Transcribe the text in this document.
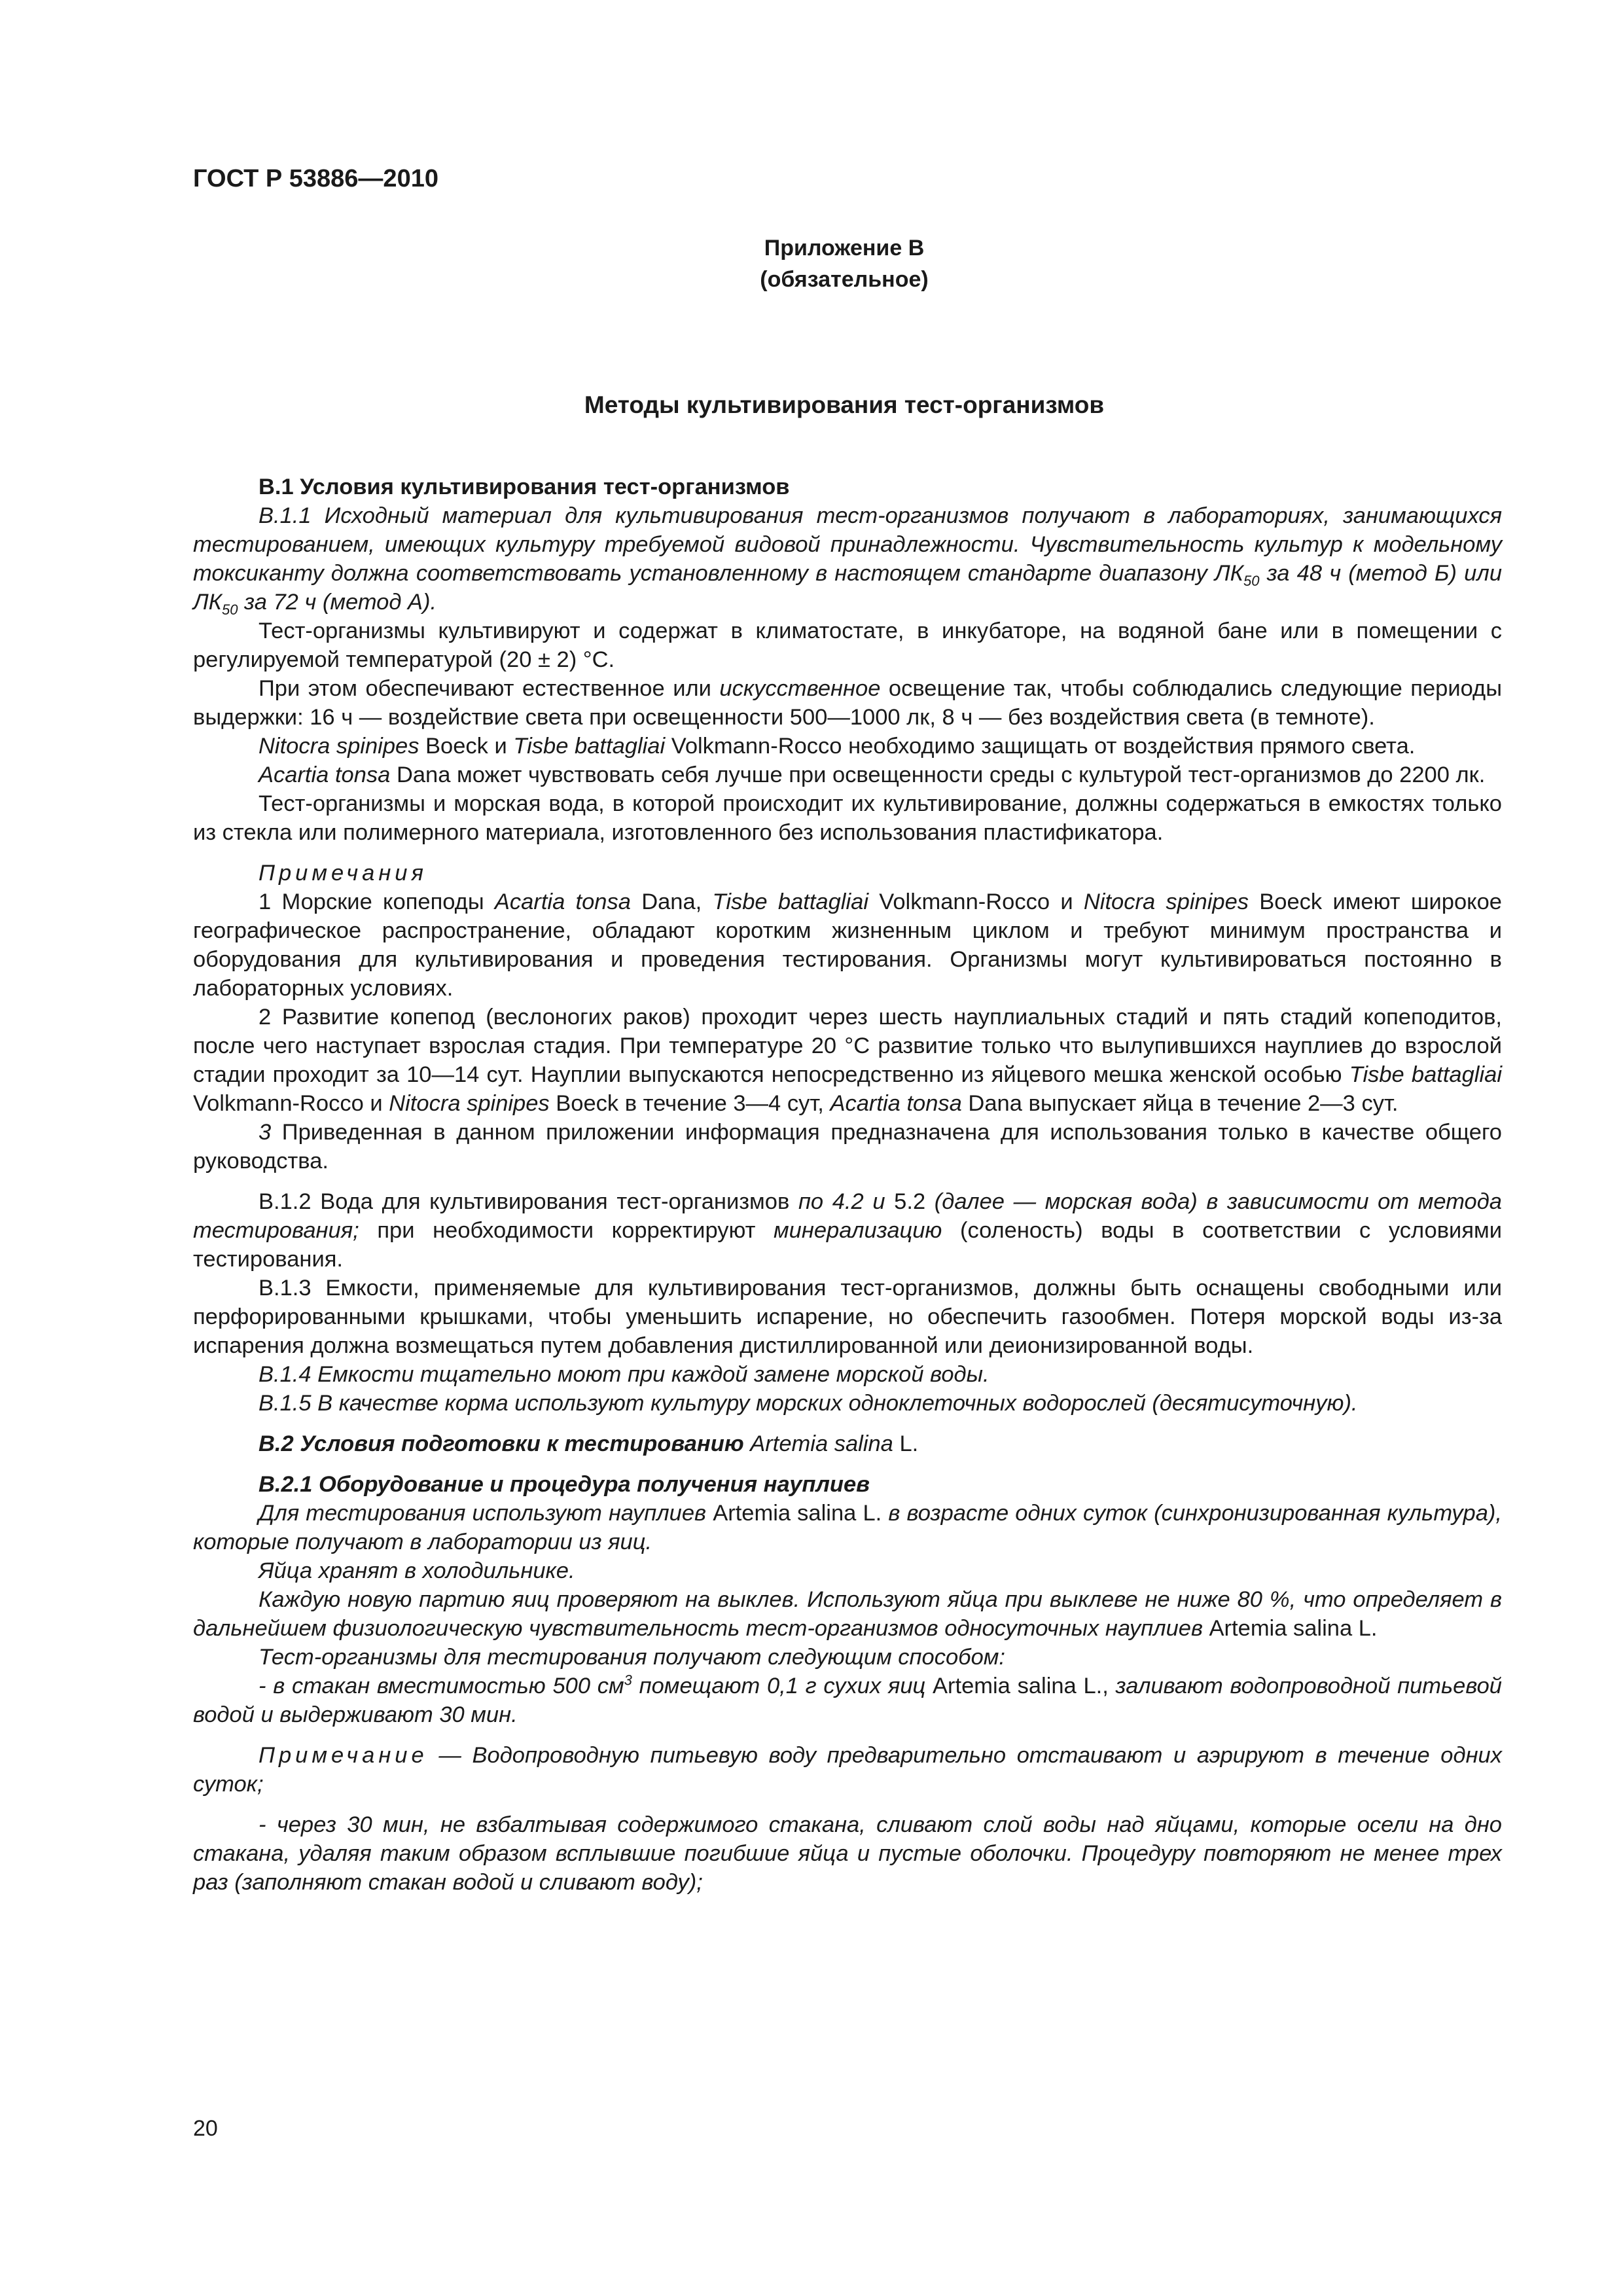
ГОСТ Р 53886—2010
Приложение В
(обязательное)
Методы культивирования тест-организмов

В.1 Условия культивирования тест-организмов

В.1.1 Исходный материал для культивирования тест-организмов получают в лабораториях, занимающихся тестированием, имеющих культуру требуемой видовой принадлежности. Чувствительность культур к модельному токсиканту должна соответствовать установленному в настоящем стандарте диапазону $ЛК_{50}$ за 48 ч (метод Б) или $ЛК_{50}$ за 72 ч (метод А).

Тест-организмы культивируют и содержат в климатостате, в инкубаторе, на водяной бане или в помещении с регулируемой температурой (20 ± 2) °С.

При этом обеспечивают естественное или искусственное освещение так, чтобы соблюдались следующие периоды выдержки: 16 ч — воздействие света при освещенности 500—1000 лк, 8 ч — без воздействия света (в темноте).

Nitocra spinipes Boeck и Tisbe battagliai Volkmann-Rocco необходимо защищать от воздействия прямого света.

Acartia tonsa Dana может чувствовать себя лучше при освещенности среды с культурой тест-организмов до 2200 лк.

Тест-организмы и морская вода, в которой происходит их культивирование, должны содержаться в емкостях только из стекла или полимерного материала, изготовленного без использования пластификатора.

Примечания

1 Морские копеподы Acartia tonsa Dana, Tisbe battagliai Volkmann-Rocco и Nitocra spinipes Boeck имеют широкое географическое распространение, обладают коротким жизненным циклом и требуют минимум пространства и оборудования для культивирования и проведения тестирования. Организмы могут культивироваться постоянно в лабораторных условиях.

2 Развитие копепод (веслоногих раков) проходит через шесть науплиальных стадий и пять стадий копеподитов, после чего наступает взрослая стадия. При температуре 20 °С развитие только что вылупившихся науплиев до взрослой стадии проходит за 10—14 сут. Науплии выпускаются непосредственно из яйцевого мешка женской особью Tisbe battagliai Volkmann-Rocco и Nitocra spinipes Boeck в течение 3—4 сут, Acartia tonsa Dana выпускает яйца в течение 2—3 сут.

3 Приведенная в данном приложении информация предназначена для использования только в качестве общего руководства.

В.1.2 Вода для культивирования тест-организмов по 4.2 и 5.2 (далее — морская вода) в зависимости от метода тестирования; при необходимости корректируют минерализацию (соленость) воды в соответствии с условиями тестирования.

В.1.3 Емкости, применяемые для культивирования тест-организмов, должны быть оснащены свободными или перфорированными крышками, чтобы уменьшить испарение, но обеспечить газообмен. Потеря морской воды из-за испарения должна возмещаться путем добавления дистиллированной или деионизированной воды.

В.1.4 Емкости тщательно моют при каждой замене морской воды.

В.1.5 В качестве корма используют культуру морских одноклеточных водорослей (десятисуточную).

В.2 Условия подготовки к тестированию Artemia salina L.

В.2.1 Оборудование и процедура получения науплиев

Для тестирования используют науплиев Artemia salina L. в возрасте одних суток (синхронизированная культура), которые получают в лаборатории из яиц.

Яйца хранят в холодильнике.

Каждую новую партию яиц проверяют на выклев. Используют яйца при выклеве не ниже 80 %, что определяет в дальнейшем физиологическую чувствительность тест-организмов односуточных науплиев Artemia salina L.

Тест-организмы для тестирования получают следующим способом:

- в стакан вместимостью 500 $см^3$ помещают 0,1 г сухих яиц Artemia salina L., заливают водопроводной питьевой водой и выдерживают 30 мин.

Примечание — Водопроводную питьевую воду предварительно отстаивают и аэрируют в течение одних суток;

- через 30 мин, не взбалтывая содержимого стакана, сливают слой воды над яйцами, которые осели на дно стакана, удаляя таким образом всплывшие погибшие яйца и пустые оболочки. Процедуру повторяют не менее трех раз (заполняют стакан водой и сливают воду);

20
